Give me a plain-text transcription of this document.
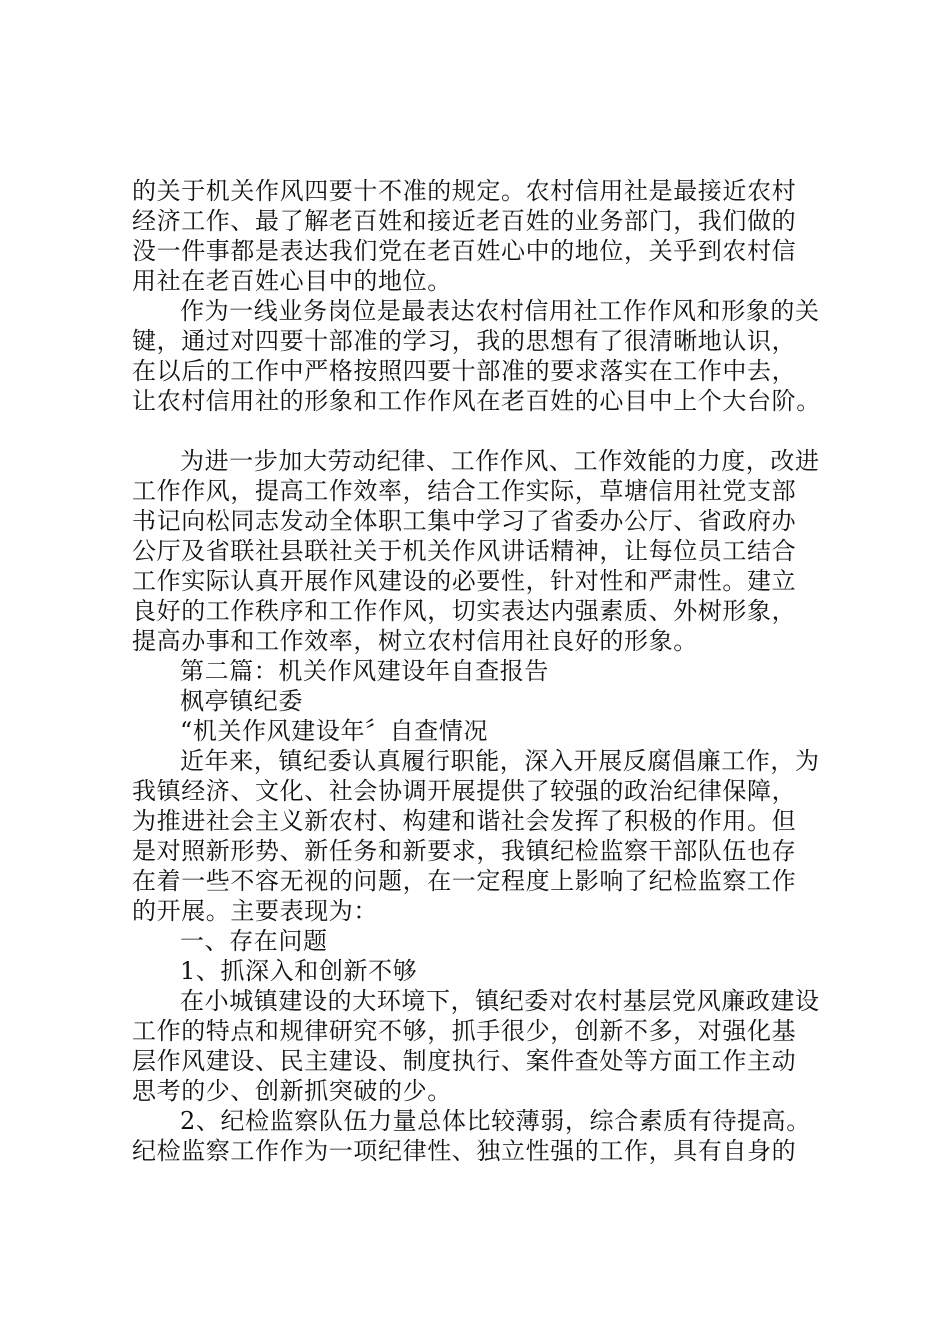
的关于机关作风四要十不准的规定。农村信用社是最接近农村
经济工作、最了解老百姓和接近老百姓的业务部门，我们做的
没一件事都是表达我们党在老百姓心中的地位，关乎到农村信
用社在老百姓心目中的地位。
作为一线业务岗位是最表达农村信用社工作作风和形象的关
键，通过对四要十部准的学习，我的思想有了很清晰地认识，
在以后的工作中严格按照四要十部准的要求落实在工作中去，
让农村信用社的形象和工作作风在老百姓的心目中上个大台阶。
为进一步加大劳动纪律、工作作风、工作效能的力度，改进
工作作风，提高工作效率，结合工作实际，草塘信用社党支部
书记向松同志发动全体职工集中学习了省委办公厅、省政府办
公厅及省联社县联社关于机关作风讲话精神，让每位员工结合
工作实际认真开展作风建设的必要性，针对性和严肃性。建立
良好的工作秩序和工作作风，切实表达内强素质、外树形象，
提高办事和工作效率，树立农村信用社良好的形象。
第二篇：机关作风建设年自查报告
枫亭镇纪委
“机关作风建设年〞自查情况
近年来，镇纪委认真履行职能，深入开展反腐倡廉工作，为
我镇经济、文化、社会协调开展提供了较强的政治纪律保障，
为推进社会主义新农村、构建和谐社会发挥了积极的作用。但
是对照新形势、新任务和新要求，我镇纪检监察干部队伍也存
在着一些不容无视的问题，在一定程度上影响了纪检监察工作
的开展。主要表现为：
一、存在问题
1、抓深入和创新不够
在小城镇建设的大环境下，镇纪委对农村基层党风廉政建设
工作的特点和规律研究不够，抓手很少，创新不多，对强化基
层作风建设、民主建设、制度执行、案件查处等方面工作主动
思考的少、创新抓突破的少。
2、纪检监察队伍力量总体比较薄弱，综合素质有待提高。
纪检监察工作作为一项纪律性、独立性强的工作，具有自身的
